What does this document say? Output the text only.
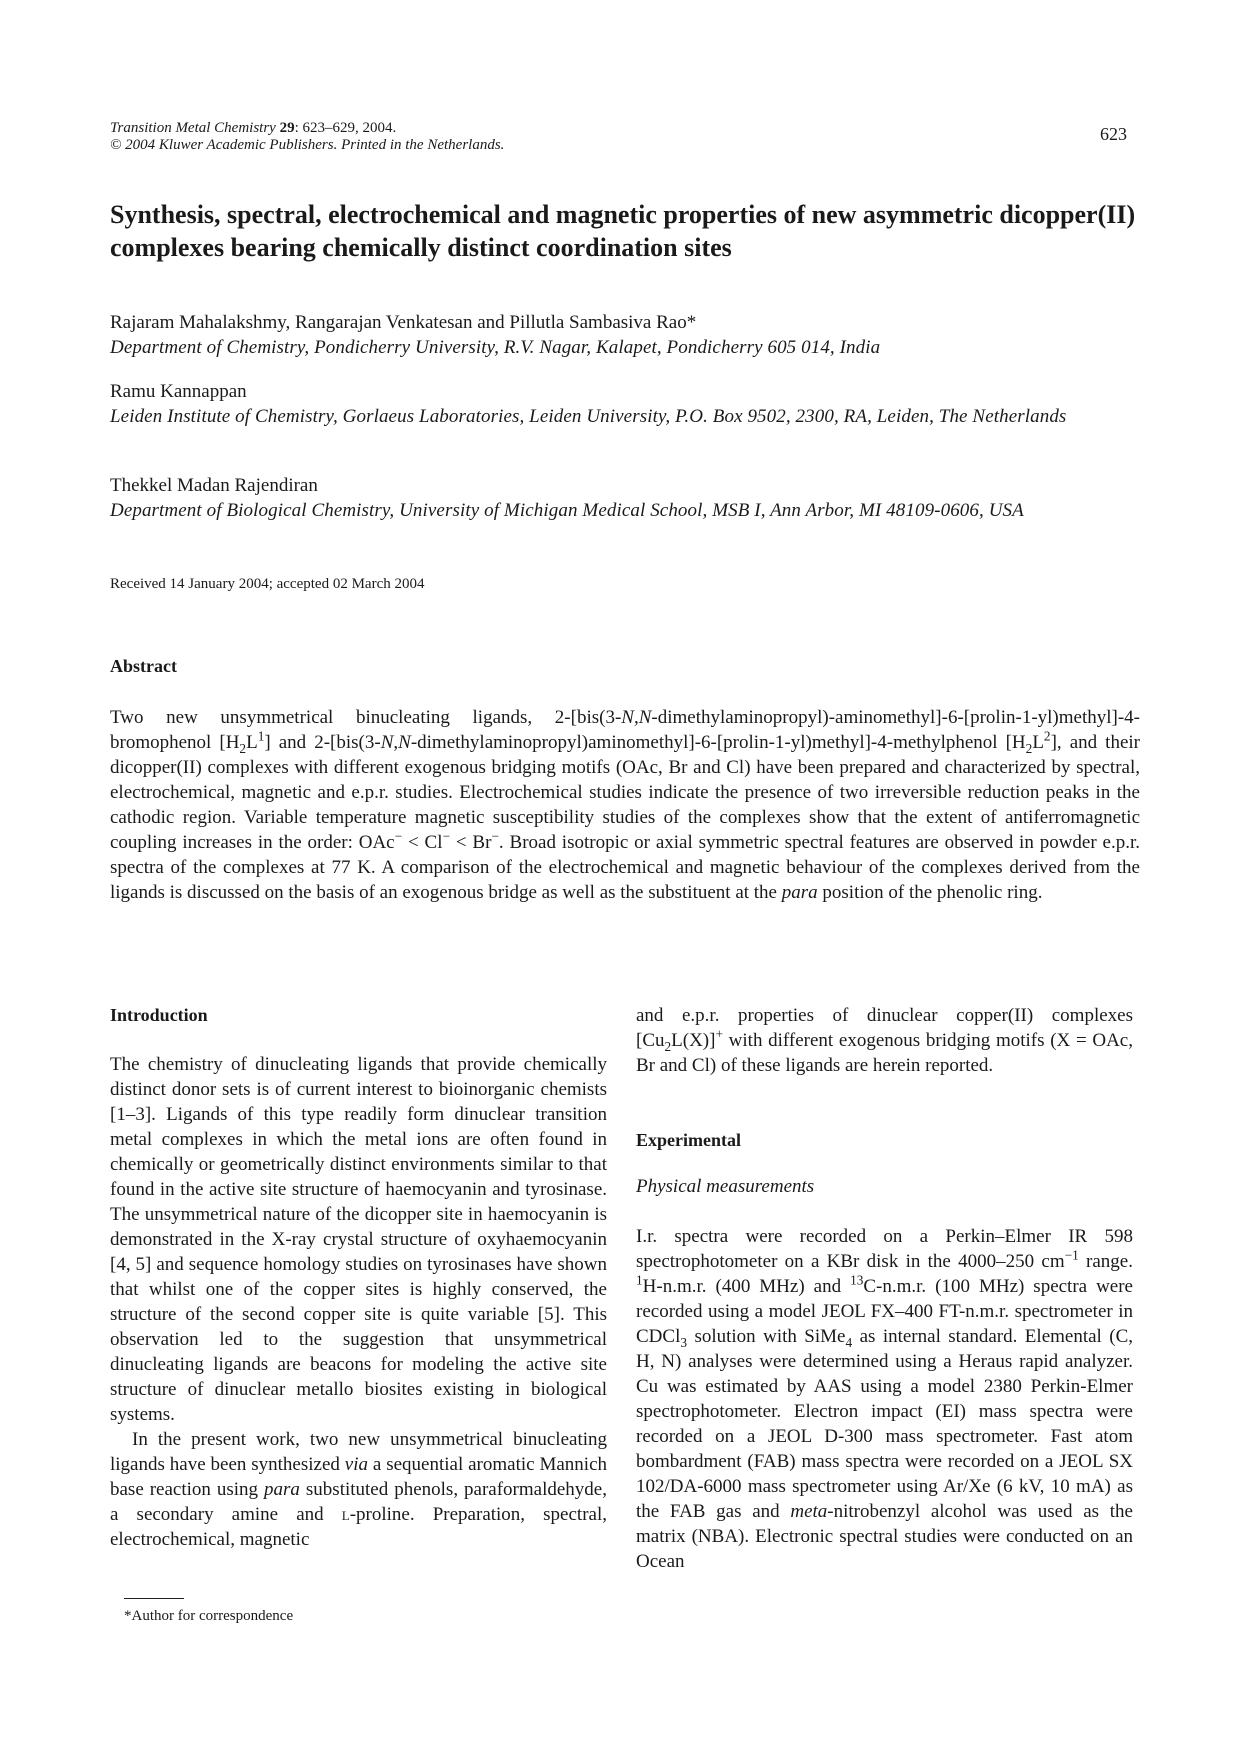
Transition Metal Chemistry 29: 623–629, 2004.
© 2004 Kluwer Academic Publishers. Printed in the Netherlands.
623
Synthesis, spectral, electrochemical and magnetic properties of new asymmetric dicopper(II) complexes bearing chemically distinct coordination sites

Rajaram Mahalakshmy, Rangarajan Venkatesan and Pillutla Sambasiva Rao*

Department of Chemistry, Pondicherry University, R.V. Nagar, Kalapet, Pondicherry 605 014, India

Ramu Kannappan

Leiden Institute of Chemistry, Gorlaeus Laboratories, Leiden University, P.O. Box 9502, 2300, RA, Leiden, The Netherlands

Thekkel Madan Rajendiran

Department of Biological Chemistry, University of Michigan Medical School, MSB I, Ann Arbor, MI 48109-0606, USA

Received 14 January 2004; accepted 02 March 2004
Abstract
Two new unsymmetrical binucleating ligands, 2-[bis(3-N,N-dimethylaminopropyl)-aminomethyl]-6-[prolin-1-yl)methyl]-4-bromophenol $[H_2L^1]$ and 2-[bis(3-N,N-dimethylaminopropyl)aminomethyl]-6-[prolin-1-yl)methyl]-4-methylphenol $[H_2L^2]$, and their dicopper(II) complexes with different exogenous bridging motifs (OAc, Br and Cl) have been prepared and characterized by spectral, electrochemical, magnetic and e.p.r. studies. Electrochemical studies indicate the presence of two irreversible reduction peaks in the cathodic region. Variable temperature magnetic susceptibility studies of the complexes show that the extent of antiferromagnetic coupling increases in the order: OAc− < Cl− < Br−. Broad isotropic or axial symmetric spectral features are observed in powder e.p.r. spectra of the complexes at 77 K. A comparison of the electrochemical and magnetic behaviour of the complexes derived from the ligands is discussed on the basis of an exogenous bridge as well as the substituent at the para position of the phenolic ring.

Introduction

The chemistry of dinucleating ligands that provide chemically distinct donor sets is of current interest to bioinorganic chemists [1–3]. Ligands of this type readily form dinuclear transition metal complexes in which the metal ions are often found in chemically or geometrically distinct environments similar to that found in the active site structure of haemocyanin and tyrosinase. The unsymmetrical nature of the dicopper site in haemocyanin is demonstrated in the X-ray crystal structure of oxyhaemocyanin [4, 5] and sequence homology studies on tyrosinases have shown that whilst one of the copper sites is highly conserved, the structure of the second copper site is quite variable [5]. This observation led to the suggestion that unsymmetrical dinucleating ligands are beacons for modeling the active site structure of dinuclear metallo biosites existing in biological systems.

In the present work, two new unsymmetrical binucleating ligands have been synthesized via a sequential aromatic Mannich base reaction using para substituted phenols, paraformaldehyde, a secondary amine and l-proline. Preparation, spectral, electrochemical, magnetic

and e.p.r. properties of dinuclear copper(II) complexes $[Cu_2L(X)]^+$ with different exogenous bridging motifs (X = OAc, Br and Cl) of these ligands are herein reported.

Experimental

Physical measurements

I.r. spectra were recorded on a Perkin–Elmer IR 598 spectrophotometer on a KBr disk in the 4000–250 $cm^{-1}$ range. $^1$H-n.m.r. (400 MHz) and $^{13}$C-n.m.r. (100 MHz) spectra were recorded using a model JEOL FX–400 FT-n.m.r. spectrometer in CDCl$_3$ solution with SiMe$_4$ as internal standard. Elemental (C, H, N) analyses were determined using a Heraus rapid analyzer. Cu was estimated by AAS using a model 2380 Perkin-Elmer spectrophotometer. Electron impact (EI) mass spectra were recorded on a JEOL D-300 mass spectrometer. Fast atom bombardment (FAB) mass spectra were recorded on a JEOL SX 102/DA-6000 mass spectrometer using Ar/Xe (6 kV, 10 mA) as the FAB gas and meta-nitrobenzyl alcohol was used as the matrix (NBA). Electronic spectral studies were conducted on an Ocean

*Author for correspondence
